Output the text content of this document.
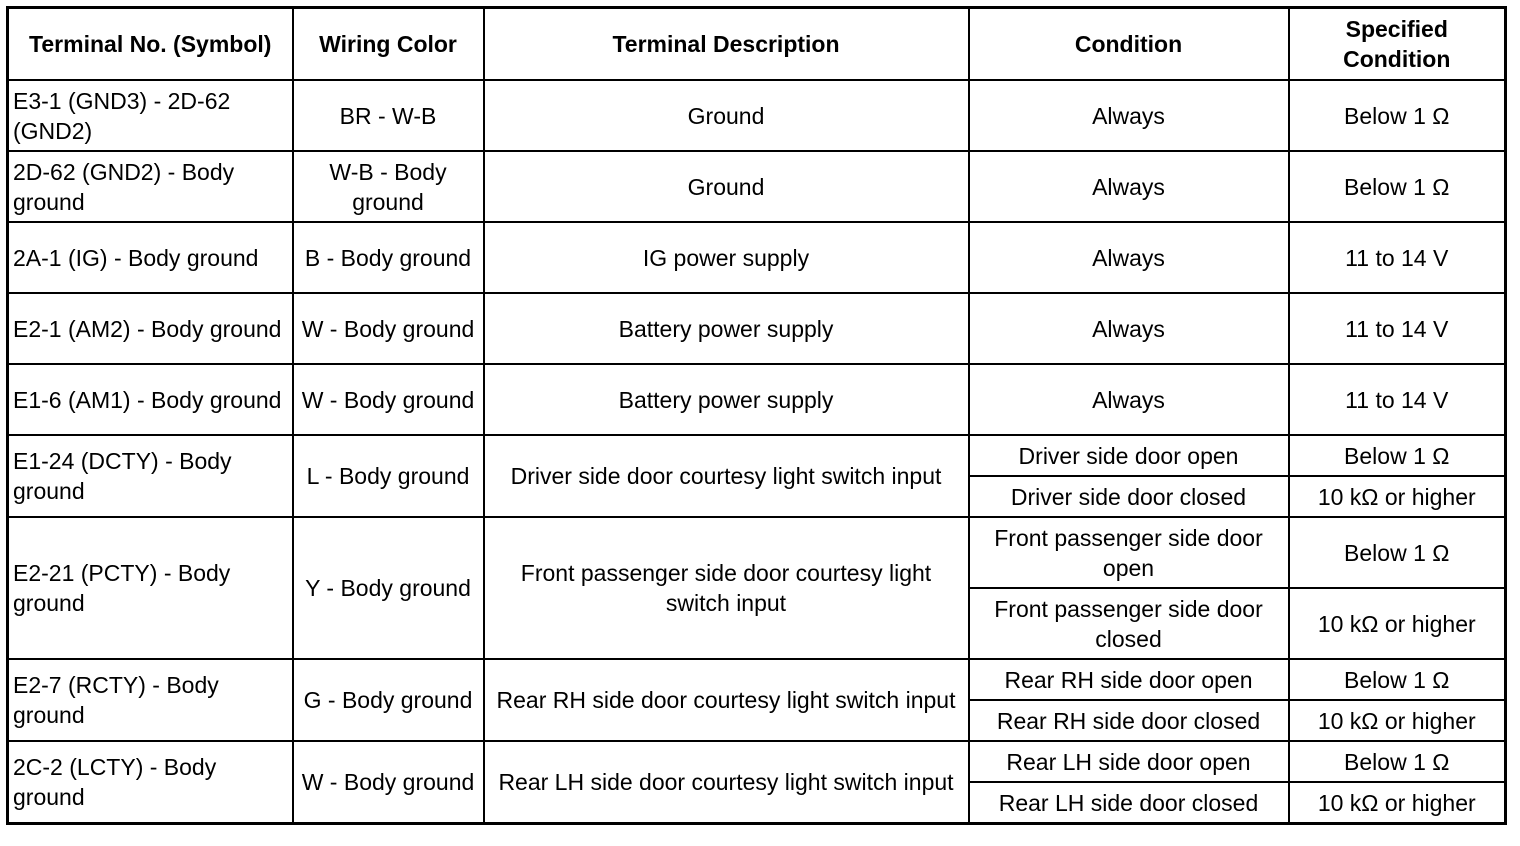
Terminal No. (Symbol)	Wiring Color	Terminal Description	Condition	Specified Condition
E3-1 (GND3) - 2D-62 (GND2)	BR - W-B	Ground	Always	Below 1 Ω
2D-62 (GND2) - Body ground	W-B - Body ground	Ground	Always	Below 1 Ω
2A-1 (IG) - Body ground	B - Body ground	IG power supply	Always	11 to 14 V
E2-1 (AM2) - Body ground	W - Body ground	Battery power supply	Always	11 to 14 V
E1-6 (AM1) - Body ground	W - Body ground	Battery power supply	Always	11 to 14 V
E1-24 (DCTY) - Body ground	L - Body ground	Driver side door courtesy light switch input	Driver side door open	Below 1 Ω
			Driver side door closed	10 kΩ or higher
E2-21 (PCTY) - Body ground	Y - Body ground	Front passenger side door courtesy light switch input	Front passenger side door open	Below 1 Ω
			Front passenger side door closed	10 kΩ or higher
E2-7 (RCTY) - Body ground	G - Body ground	Rear RH side door courtesy light switch input	Rear RH side door open	Below 1 Ω
			Rear RH side door closed	10 kΩ or higher
2C-2 (LCTY) - Body ground	W - Body ground	Rear LH side door courtesy light switch input	Rear LH side door open	Below 1 Ω
			Rear LH side door closed	10 kΩ or higher
